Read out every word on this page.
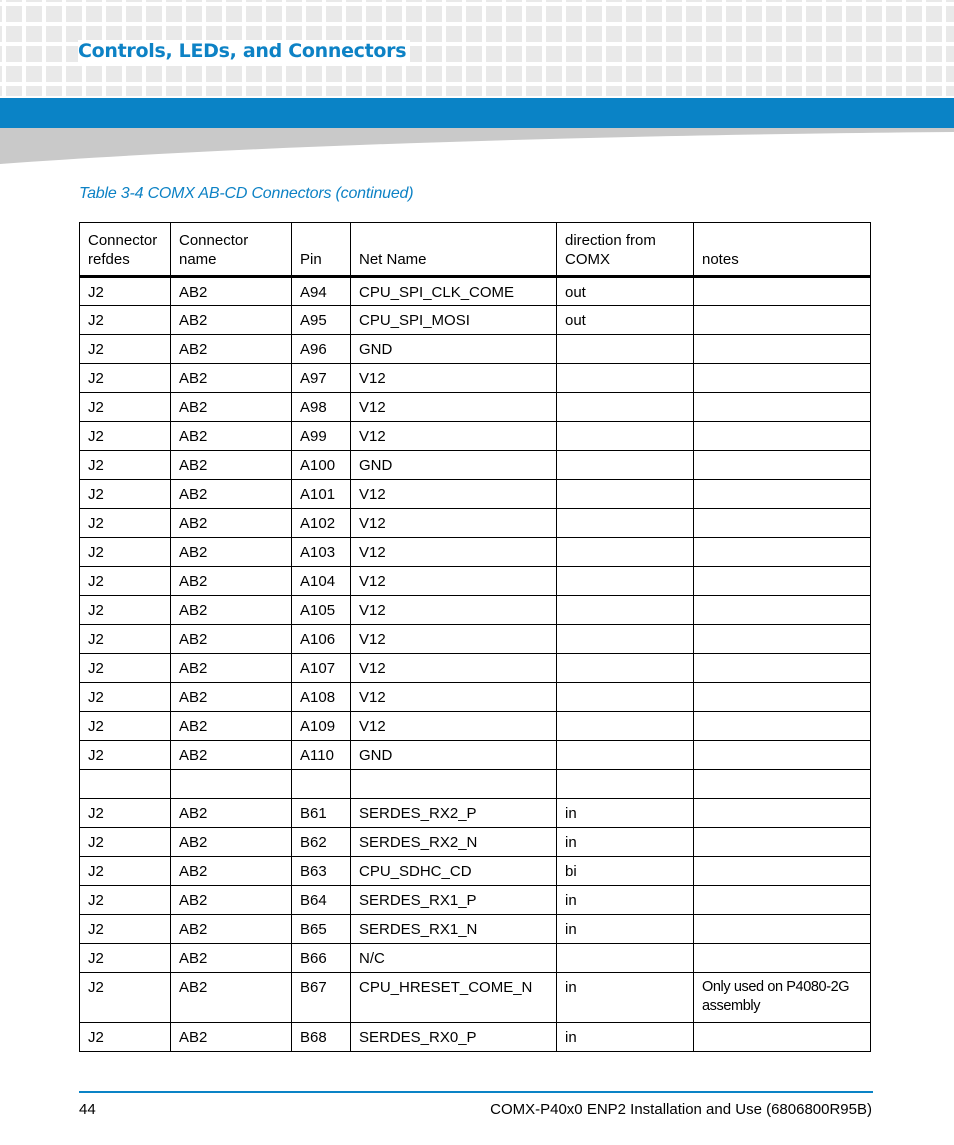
Controls, LEDs, and Connectors
Table 3-4 COMX AB-CD Connectors (continued)
Connector refdes	Connector name	Pin	Net Name	direction from COMX	notes
J2	AB2	A94	CPU_SPI_CLK_COME	out	
J2	AB2	A95	CPU_SPI_MOSI	out	
J2	AB2	A96	GND		
J2	AB2	A97	V12		
J2	AB2	A98	V12		
J2	AB2	A99	V12		
J2	AB2	A100	GND		
J2	AB2	A101	V12		
J2	AB2	A102	V12		
J2	AB2	A103	V12		
J2	AB2	A104	V12		
J2	AB2	A105	V12		
J2	AB2	A106	V12		
J2	AB2	A107	V12		
J2	AB2	A108	V12		
J2	AB2	A109	V12		
J2	AB2	A110	GND		

J2	AB2	B61	SERDES_RX2_P	in	
J2	AB2	B62	SERDES_RX2_N	in	
J2	AB2	B63	CPU_SDHC_CD	bi	
J2	AB2	B64	SERDES_RX1_P	in	
J2	AB2	B65	SERDES_RX1_N	in	
J2	AB2	B66	N/C		
J2	AB2	B67	CPU_HRESET_COME_N	in	Only used on P4080-2G assembly
J2	AB2	B68	SERDES_RX0_P	in	
44	COMX-P40x0 ENP2 Installation and Use (6806800R95B)
